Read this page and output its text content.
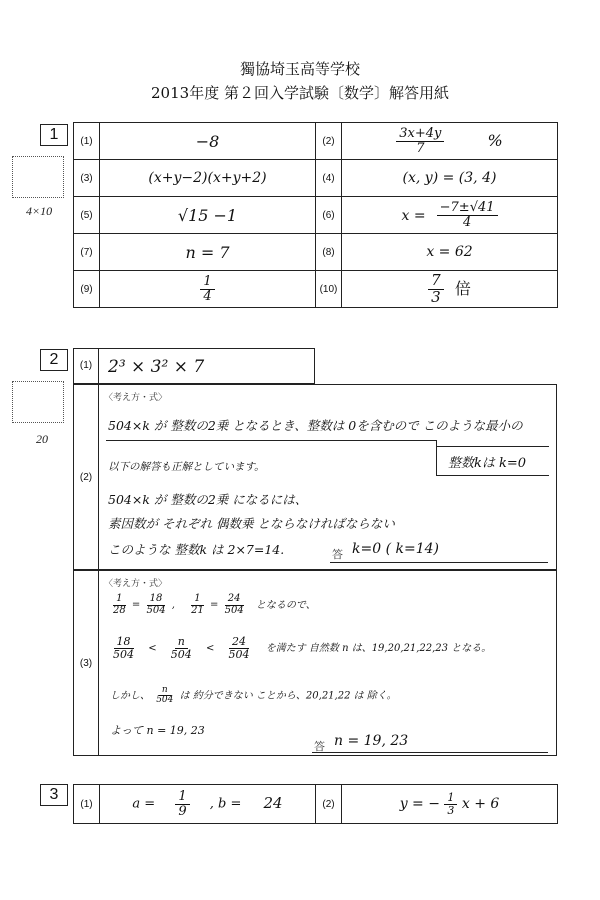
獨協埼玉高等学校
2013年度 第２回入学試験〔数学〕解答用紙
1
4×10
(1)	−8	(2)	$\frac{3x+4y}{7}$ %
(3)	(x+y−2)(x+y+2)	(4)	(x, y) = (3, 4)
(5)	√15 −1	(6)	$x = \frac{-7\pm√41}{4}$

(7)	n = 7	(8)	x = 62
(9)	$\frac{1}{4}$	(10)	$\frac{7}{3}$ 倍
2
20
(1) 2³ × 3² × 7
(2)
〈考え方・式〉
504×k が 整数の2乗 となるとき、整数は 0を含むので このような最小の
以下の解答も正解としています。	整数kは k=0
504×k が 整数の2乗 になるには、
素因数が それぞれ 偶数乗 とならなければならない
このような 整数k は 2×7=14.	答 k=0 ( k=14)
(3)
〈考え方・式〉
$\frac{1}{28} = \frac{18}{504}$ , $\frac{1}{21} = \frac{24}{504}$ となるので、
$\frac{18}{504} < \frac{n}{504} < \frac{24}{504}$ を満たす 自然数 n は、19,20,21,22,23 となる。
しかし、 $\frac{n}{504}$ は 約分できない ことから、20,21,22 は 除く。
よって n = 19, 23
答 n = 19, 23
3
(1)	$a = \frac{1}{9}$ , b = 24	(2)	y = − $\frac{1}{3}$ x + 6
